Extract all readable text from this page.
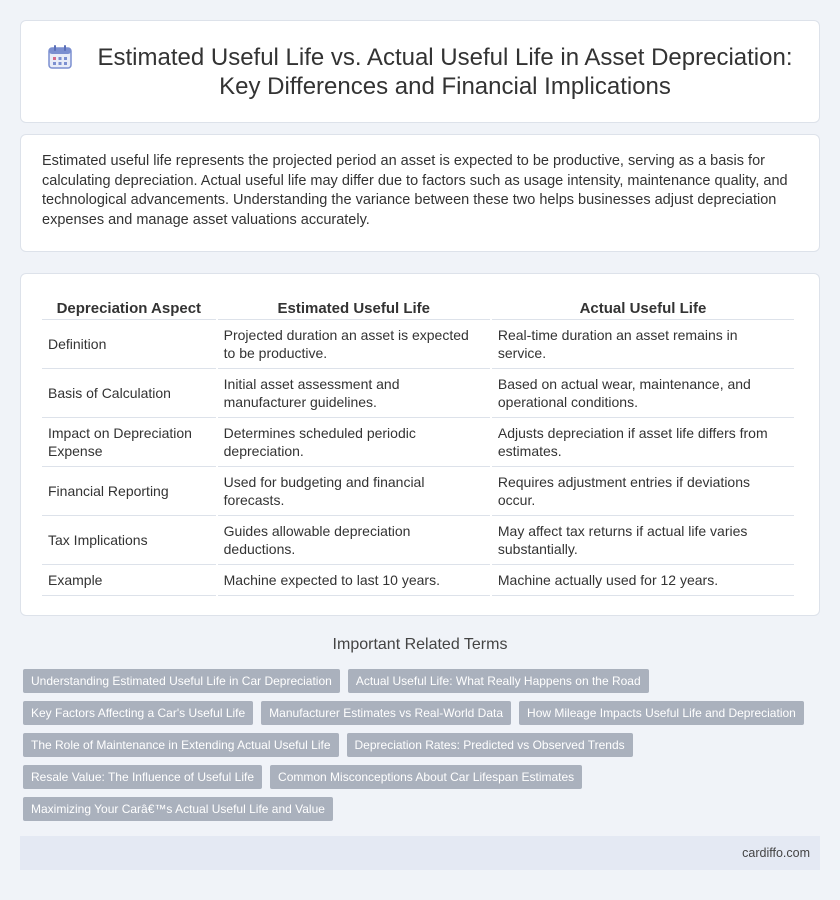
Estimated Useful Life vs. Actual Useful Life in Asset Depreciation: Key Differences and Financial Implications

Estimated useful life represents the projected period an asset is expected to be productive, serving as a basis for calculating depreciation. Actual useful life may differ due to factors such as usage intensity, maintenance quality, and technological advancements. Understanding the variance between these two helps businesses adjust depreciation expenses and manage asset valuations accurately.

Depreciation Aspect	Estimated Useful Life	Actual Useful Life
Definition	Projected duration an asset is expected to be productive.	Real-time duration an asset remains in service.
Basis of Calculation	Initial asset assessment and manufacturer guidelines.	Based on actual wear, maintenance, and operational conditions.
Impact on Depreciation Expense	Determines scheduled periodic depreciation.	Adjusts depreciation if asset life differs from estimates.
Financial Reporting	Used for budgeting and financial forecasts.	Requires adjustment entries if deviations occur.
Tax Implications	Guides allowable depreciation deductions.	May affect tax returns if actual life varies substantially.
Example	Machine expected to last 10 years.	Machine actually used for 12 years.
Important Related Terms
Understanding Estimated Useful Life in Car Depreciation	Actual Useful Life: What Really Happens on the Road
Key Factors Affecting a Car's Useful Life	Manufacturer Estimates vs Real-World Data	How Mileage Impacts Useful Life and Depreciation
The Role of Maintenance in Extending Actual Useful Life	Depreciation Rates: Predicted vs Observed Trends
Resale Value: The Influence of Useful Life	Common Misconceptions About Car Lifespan Estimates
Maximizing Your Carâ€™s Actual Useful Life and Value
cardiffo.com
